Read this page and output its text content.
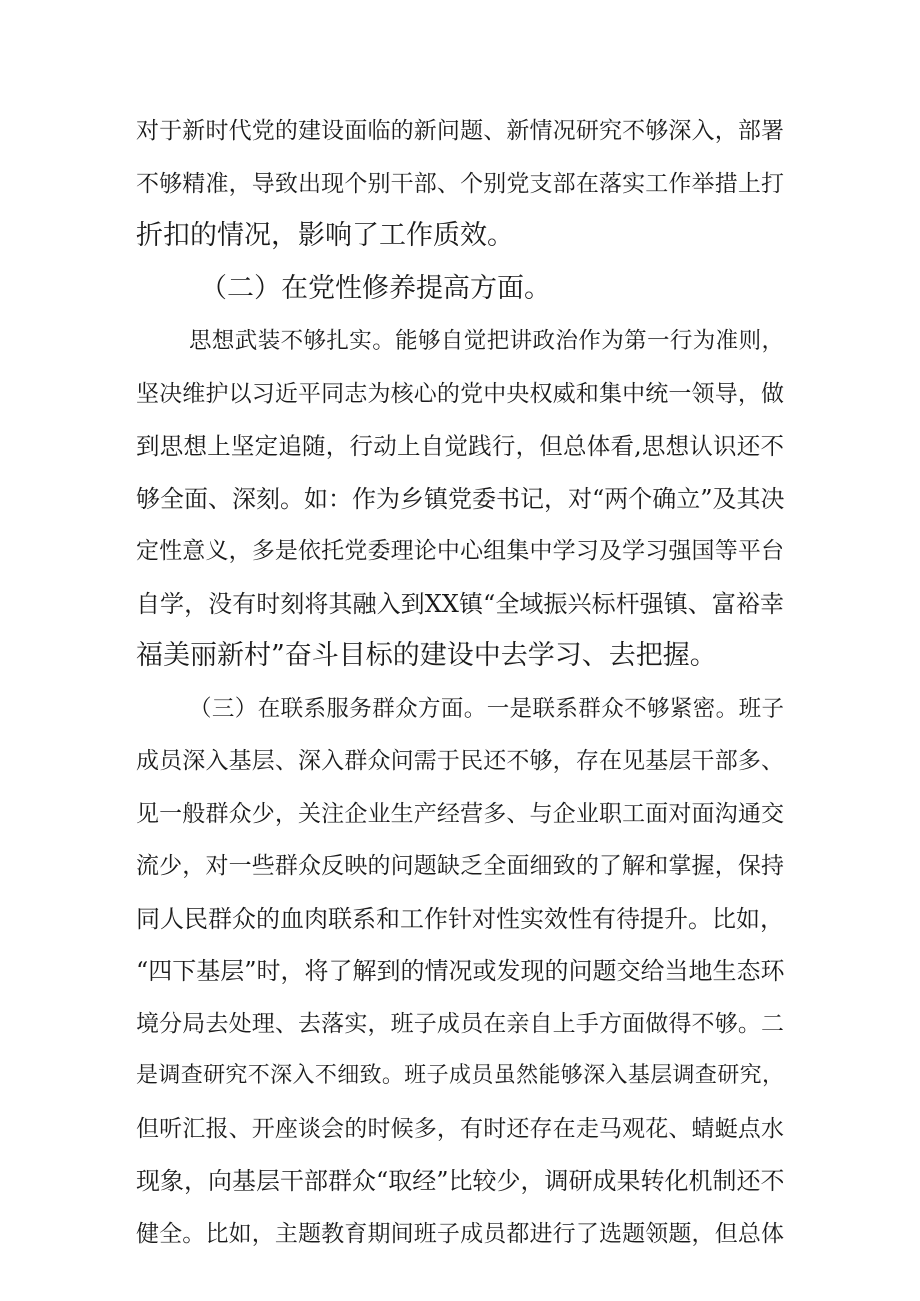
对于新时代党的建设面临的新问题、新情况研究不够深入，部署
不够精准，导致出现个别干部、个别党支部在落实工作举措上打
折扣的情况，影响了工作质效。
（二）在党性修养提高方面。
思想武装不够扎实。能够自觉把讲政治作为第一行为准则，
坚决维护以习近平同志为核心的党中央权威和集中统一领导，做
到思想上坚定追随，行动上自觉践行，但总体看,思想认识还不
够全面、深刻。如：作为乡镇党委书记，对“两个确立”及其决
定性意义，多是依托党委理论中心组集中学习及学习强国等平台
自学，没有时刻将其融入到XX镇“全域振兴标杆强镇、富裕幸
福美丽新村”奋斗目标的建设中去学习、去把握。
（三）在联系服务群众方面。一是联系群众不够紧密。班子
成员深入基层、深入群众问需于民还不够，存在见基层干部多、
见一般群众少，关注企业生产经营多、与企业职工面对面沟通交
流少，对一些群众反映的问题缺乏全面细致的了解和掌握，保持
同人民群众的血肉联系和工作针对性实效性有待提升。比如，
“四下基层”时，将了解到的情况或发现的问题交给当地生态环
境分局去处理、去落实，班子成员在亲自上手方面做得不够。二
是调查研究不深入不细致。班子成员虽然能够深入基层调查研究，
但听汇报、开座谈会的时候多，有时还存在走马观花、蜻蜓点水
现象，向基层干部群众“取经”比较少，调研成果转化机制还不
健全。比如，主题教育期间班子成员都进行了选题领题，但总体
